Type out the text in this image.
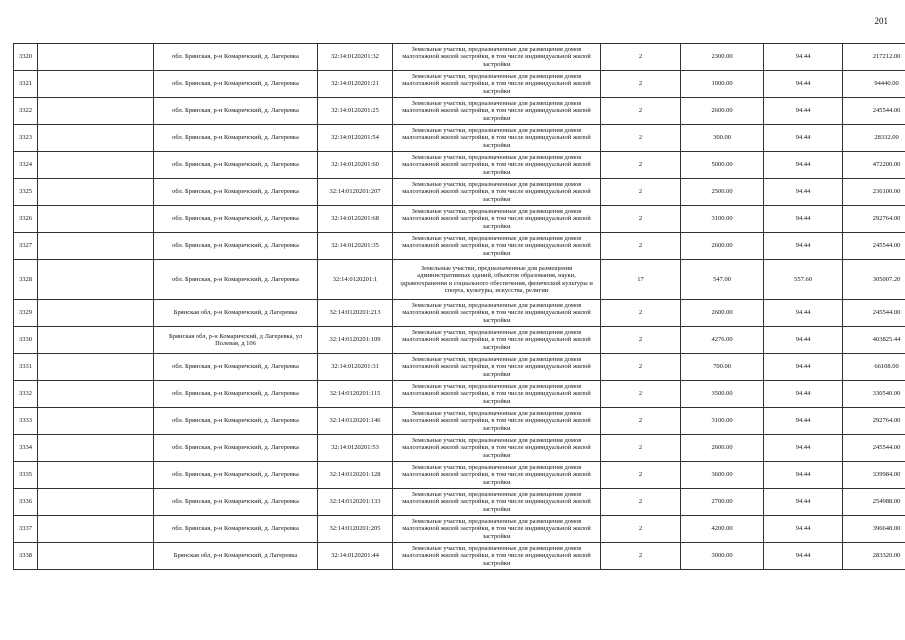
201
3320		обл. Брянская, р-н Комаричский, д. Лагеревка	32:14:0120201:32	Земельные участки, предназначенные для размещения домов малоэтажной жилой застройки, в том числе индивидуальной жилой застройки	2	2300.00	94.44	217212.00
3321		обл. Брянская, р-н Комаричский, д. Лагеревка	32:14:0120201:21	Земельные участки, предназначенные для размещения домов малоэтажной жилой застройки, в том числе индивидуальной жилой застройки	2	1000.00	94.44	94440.00
3322		обл. Брянская, р-н Комаричский, д. Лагеревка	32:14:0120201:25	Земельные участки, предназначенные для размещения домов малоэтажной жилой застройки, в том числе индивидуальной жилой застройки	2	2600.00	94.44	245544.00
3323		обл. Брянская, р-н Комаричский, д. Лагеревка	32:14:0120201:54	Земельные участки, предназначенные для размещения домов малоэтажной жилой застройки, в том числе индивидуальной жилой застройки	2	300.00	94.44	28332.00
3324		обл. Брянская, р-н Комаричский, д. Лагеревка	32:14:0120201:60	Земельные участки, предназначенные для размещения домов малоэтажной жилой застройки, в том числе индивидуальной жилой застройки	2	5000.00	94.44	472200.00
3325		обл. Брянская, р-н Комаричский, д. Лагеревка	32:14:0120201:207	Земельные участки, предназначенные для размещения домов малоэтажной жилой застройки, в том числе индивидуальной жилой застройки	2	2500.00	94.44	236100.00
3326		обл. Брянская, р-н Комаричский, д. Лагеревка	32:14:0120201:68	Земельные участки, предназначенные для размещения домов малоэтажной жилой застройки, в том числе индивидуальной жилой застройки	2	3100.00	94.44	292764.00
3327		обл. Брянская, р-н Комаричский, д. Лагеревка	32:14:0120201:35	Земельные участки, предназначенные для размещения домов малоэтажной жилой застройки, в том числе индивидуальной жилой застройки	2	2600.00	94.44	245544.00
3328		обл. Брянская, р-н Комаричский, д. Лагеревка	32:14:0120201:1	Земельные участки, предназначенные для размещения административных зданий, объектов образования, науки, здравоохранения и социального обеспечения, физической культуры и спорта, культуры, искусства, религии	17	547.00	557.60	305007.20
3329		Брянская обл, р-н Комаричский, д Лагеревка	32:14:0120201:213	Земельные участки, предназначенные для размещения домов малоэтажной жилой застройки, в том числе индивидуальной жилой застройки	2	2600.00	94.44	245544.00
3330		Брянская обл, р-н Комаричский, д Лагеревка, ул Полевая, д 106	32:14:0120201:109	Земельные участки, предназначенные для размещения домов малоэтажной жилой застройки, в том числе индивидуальной жилой застройки	2	4276.00	94.44	403825.44
3331		обл. Брянская, р-н Комаричский, д. Лагеревка	32:14:0120201:31	Земельные участки, предназначенные для размещения домов малоэтажной жилой застройки, в том числе индивидуальной жилой застройки	2	700.00	94.44	66108.00
3332		обл. Брянская, р-н Комаричский, д. Лагеревка	32:14:0120201:115	Земельные участки, предназначенные для размещения домов малоэтажной жилой застройки, в том числе индивидуальной жилой застройки	2	3500.00	94.44	330540.00
3333		обл. Брянская, р-н Комаричский, д. Лагеревка	32:14:0120201:146	Земельные участки, предназначенные для размещения домов малоэтажной жилой застройки, в том числе индивидуальной жилой застройки	2	3100.00	94.44	292764.00
3334		обл. Брянская, р-н Комаричский, д. Лагеревка	32:14:0120201:53	Земельные участки, предназначенные для размещения домов малоэтажной жилой застройки, в том числе индивидуальной жилой застройки	2	2600.00	94.44	245544.00
3335		обл. Брянская, р-н Комаричский, д. Лагеревка	32:14:0120201:128	Земельные участки, предназначенные для размещения домов малоэтажной жилой застройки, в том числе индивидуальной жилой застройки	2	3600.00	94.44	339984.00
3336		обл. Брянская, р-н Комаричский, д. Лагеревка	32:14:0120201:133	Земельные участки, предназначенные для размещения домов малоэтажной жилой застройки, в том числе индивидуальной жилой застройки	2	2700.00	94.44	254988.00
3337		обл. Брянская, р-н Комаричский, д. Лагеревка	32:14:0120201:205	Земельные участки, предназначенные для размещения домов малоэтажной жилой застройки, в том числе индивидуальной жилой застройки	2	4200.00	94.44	396648.00
3338		Брянская обл, р-н Комаричский, д Лагеревка	32:14:0120201:44	Земельные участки, предназначенные для размещения домов малоэтажной жилой застройки, в том числе индивидуальной жилой застройки	2	3000.00	94.44	283320.00
